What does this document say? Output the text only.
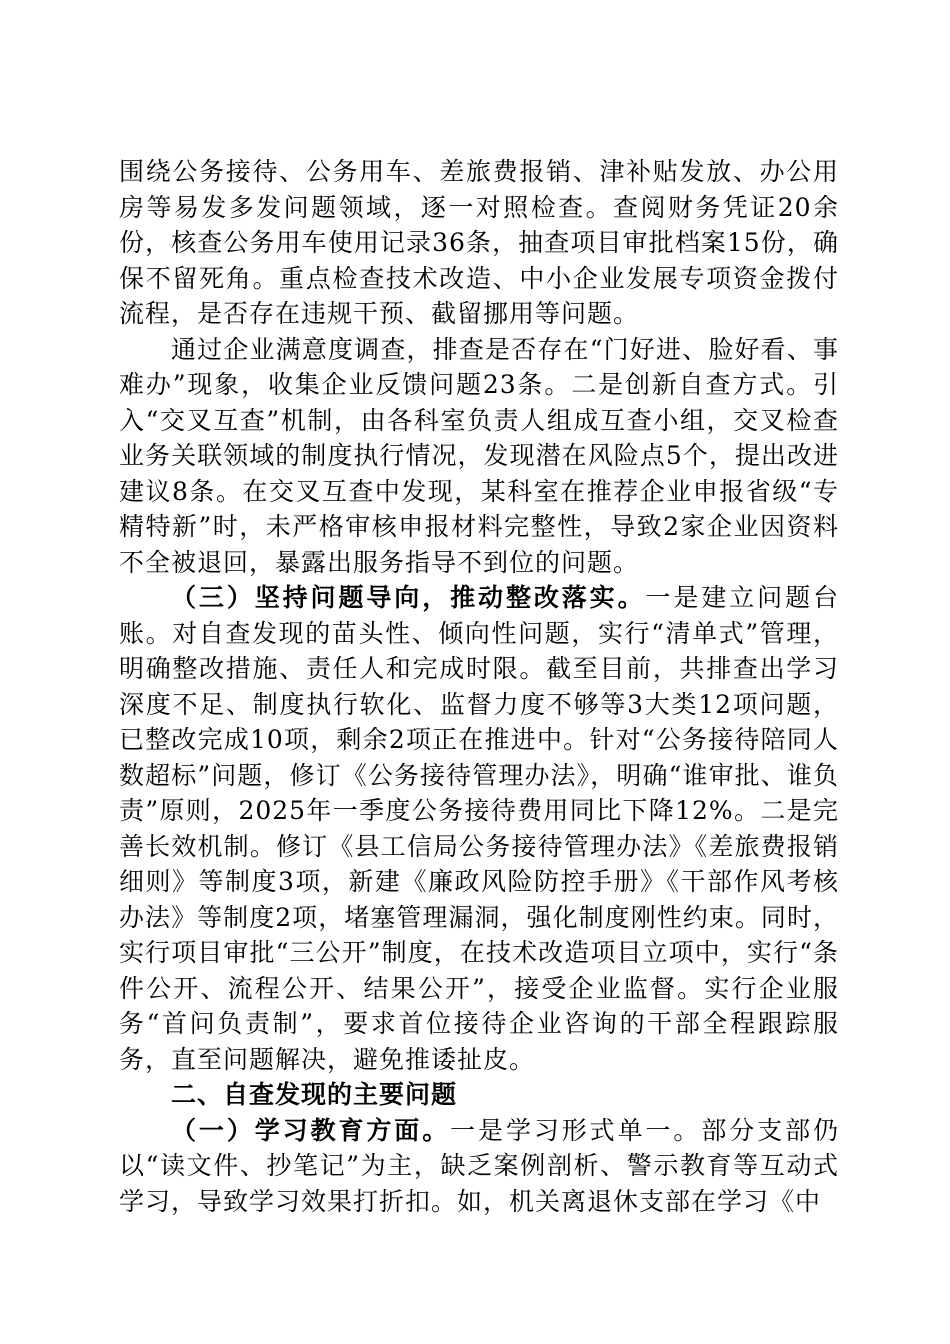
围绕公务接待、公务用车、差旅费报销、津补贴发放、办公用房等易发多发问题领域，逐一对照检查。查阅财务凭证20余份，核查公务用车使用记录36条，抽查项目审批档案15份，确保不留死角。重点检查技术改造、中小企业发展专项资金拨付流程，是否存在违规干预、截留挪用等问题。

通过企业满意度调查，排查是否存在“门好进、脸好看、事难办”现象，收集企业反馈问题23条。二是创新自查方式。引入“交叉互查”机制，由各科室负责人组成互查小组，交叉检查业务关联领域的制度执行情况，发现潜在风险点5个，提出改进建议8条。在交叉互查中发现，某科室在推荐企业申报省级“专精特新”时，未严格审核申报材料完整性，导致2家企业因资料不全被退回，暴露出服务指导不到位的问题。

（三）坚持问题导向，推动整改落实。一是建立问题台账。对自查发现的苗头性、倾向性问题，实行“清单式”管理，明确整改措施、责任人和完成时限。截至目前，共排查出学习深度不足、制度执行软化、监督力度不够等3大类12项问题，已整改完成10项，剩余2项正在推进中。针对“公务接待陪同人数超标”问题，修订《公务接待管理办法》，明确“谁审批、谁负责”原则，2025年一季度公务接待费用同比下降12%。二是完善长效机制。修订《县工信局公务接待管理办法》《差旅费报销细则》等制度3项，新建《廉政风险防控手册》《干部作风考核办法》等制度2项，堵塞管理漏洞，强化制度刚性约束。同时，实行项目审批“三公开”制度，在技术改造项目立项中，实行“条件公开、流程公开、结果公开”，接受企业监督。实行企业服务“首问负责制”，要求首位接待企业咨询的干部全程跟踪服务，直至问题解决，避免推诿扯皮。

二、自查发现的主要问题

（一）学习教育方面。一是学习形式单一。部分支部仍以“读文件、抄笔记”为主，缺乏案例剖析、警示教育等互动式学习，导致学习效果打折扣。如，机关离退休支部在学习《中
